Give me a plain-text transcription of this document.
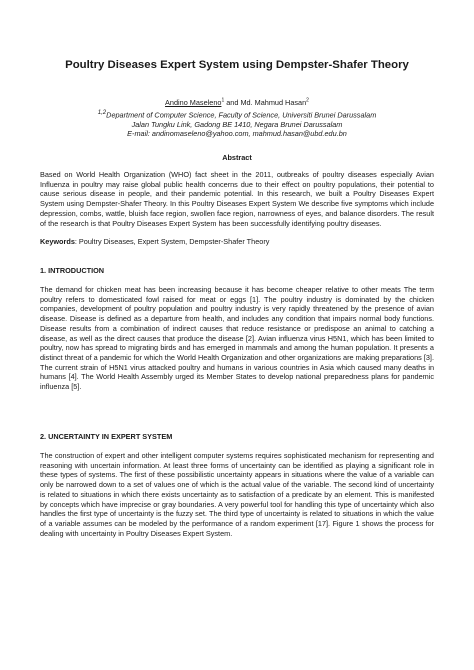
Poultry Diseases Expert System using Dempster-Shafer Theory
Andino Maseleno$^1$ and Md. Mahmud Hasan$^2$
$^{1,2}$Department of Computer Science, Faculty of Science, Universiti Brunei Darussalam
Jalan Tungku Link, Gadong BE 1410, Negara Brunei Darussalam
E-mail: andinomaseleno@yahoo.com, mahmud.hasan@ubd.edu.bn
Abstract

Based on World Health Organization (WHO) fact sheet in the 2011, outbreaks of poultry diseases especially Avian Influenza in poultry may raise global public health concerns due to their effect on poultry populations, their potential to cause serious disease in people, and their pandemic potential. In this research, we built a Poultry Diseases Expert System using Dempster-Shafer Theory. In this Poultry Diseases Expert System We describe five symptoms which include depression, combs, wattle, bluish face region, swollen face region, narrowness of eyes, and balance disorders. The result of the research is that Poultry Diseases Expert System has been successfully identifying poultry diseases.

Keywords: Poultry Diseases, Expert System, Dempster-Shafer Theory

1. INTRODUCTION

The demand for chicken meat has been increasing because it has become cheaper relative to other meats The term poultry refers to domesticated fowl raised for meat or eggs [1]. The poultry industry is dominated by the chicken companies, development of poultry population and poultry industry is very rapidly threatened by the presence of avian disease. Disease is defined as a departure from health, and includes any condition that impairs normal body functions. Disease results from a combination of indirect causes that reduce resistance or predispose an animal to catching a disease, as well as the direct causes that produce the disease [2]. Avian influenza virus H5N1, which has been limited to poultry, now has spread to migrating birds and has emerged in mammals and among the human population. It presents a distinct threat of a pandemic for which the World Health Organization and other organizations are making preparations [3]. The current strain of H5N1 virus attacked poultry and humans in various countries in Asia which caused many deaths in humans [4]. The World Health Assembly urged its Member States to develop national preparedness plans for pandemic influenza [5].

2. UNCERTAINTY IN EXPERT SYSTEM

The construction of expert and other intelligent computer systems requires sophisticated mechanism for representing and reasoning with uncertain information. At least three forms of uncertainty can be identified as playing a significant role in these types of systems. The first of these possibilistic uncertainty appears in situations where the value of a variable can only be narrowed down to a set of values one of which is the actual value of the variable. The second kind of uncertainty is related to situations in which there exists uncertainty as to satisfaction of a predicate by an element. This is manifested by concepts which have imprecise or gray boundaries. A very powerful tool for handling this type of uncertainty which also handles the first type of uncertainty is the fuzzy set. The third type of uncertainty is related to situations in which the value of a variable assumes can be modeled by the performance of a random experiment [17]. Figure 1 shows the process for dealing with uncertainty in Poultry Diseases Expert System.
